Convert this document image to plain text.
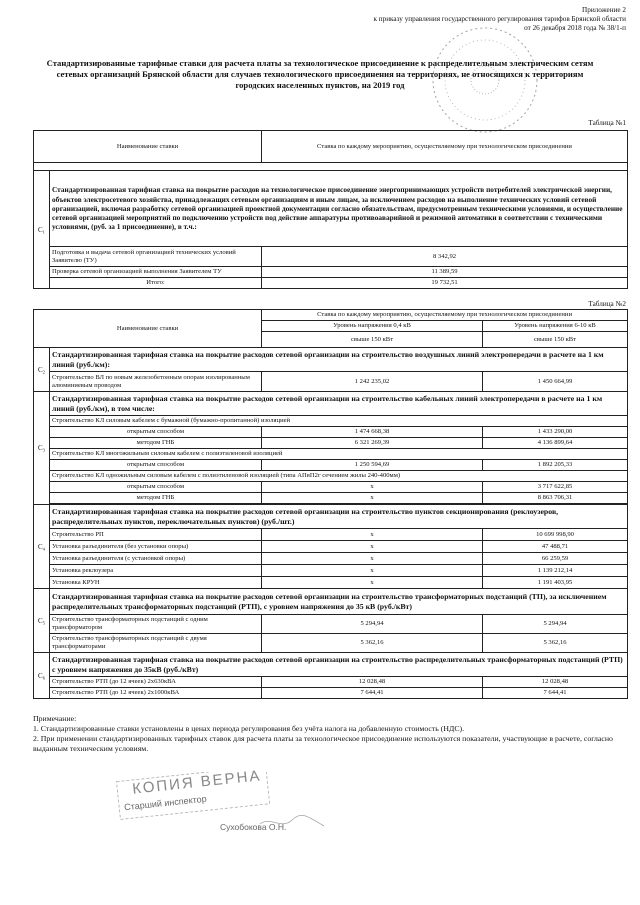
Приложение 2
к приказу управления государственного регулирования тарифов Брянской области
от 26 декабря 2018 года № 38/1-п
Стандартизированные тарифные ставки для расчета платы за технологическое присоединение к распределительным электрическим сетям сетевых организаций Брянской области для случаев технологического присоединения на территориях, не относящихся к территориям городских населенных пунктов, на 2019 год
Таблица №1
Наименование ставки		Ставка по каждому мероприятию, осуществляемому при технологическом присоединении

C₁	Стандартизированная тарифная ставка на покрытие расходов на технологическое присоединение энергопринимающих устройств потребителей электрической энергии, объектов электросетевого хозяйства, принадлежащих сетевым организациям и иным лицам, за исключением расходов на выполнение технических условий сетевой организацией, включая разработку сетевой организацией проектной документации согласно обязательствам, предусмотренным техническими условиями, и осуществление сетевой организацией мероприятий по подключению устройств под действие аппаратуры противоаварийной и режимной автоматики в соответствии с техническими условиями, (руб. за 1 присоединение), в т.ч.:	
	Подготовка и выдача сетевой организацией технических условий Заявителю (ТУ)	8 342,92
	Проверка сетевой организацией выполнения Заявителем ТУ	11 389,59
	Итого:	19 732,51
Таблица №2
Наименование ставки		Ставка по каждому мероприятию, осуществляемому при технологическом присоединении	
		Уровень напряжения 0,4 кВ	Уровень напряжения 6-10 кВ
		свыше 150 кВт	свыше 150 кВт
C₂	Стандартизированная тарифная ставка на покрытие расходов сетевой организации на строительство воздушных линий электропередачи в расчете на 1 км линий (руб./км):		
	Строительство ВЛ по новым железобетонным опорам изолированным алюминиевым проводом	1 242 235,02	1 450 664,99
C₃	Стандартизированная тарифная ставка на покрытие расходов сетевой организации на строительство кабельных линий электропередачи в расчете на 1 км линий (руб./км), в том числе:		
	Строительство КЛ силовым кабелем с бумажной (бумажно-пропитанной) изоляцией		
	открытым способом	1 474 668,38	1 433 290,00
	методом ГНБ	6 321 269,39	4 136 899,64
	Строительство КЛ многожильным силовым кабелем с полиэтиленовой изоляцией		
	открытым способом	1 250 594,69	1 892 205,33
	Строительство КЛ одножильным силовым кабелем с полиэтиленовой изоляцией (типа АПвП2г сечением жилы 240-400мм)		
	открытым способом	х	3 717 622,85
	методом ГНБ	х	8 863 706,31

C₄	Стандартизированная тарифная ставка на покрытие расходов сетевой организации на строительство пунктов секционирования (реклоузеров, распределительных пунктов, переключательных пунктов) (руб./шт.)		
	Строительство РП	х	10 699 998,90
	Установка разъединителя (без установки опоры)	х	47 488,71
	Установка разъединителя (с установкой опоры)	х	66 259,59
	Установка реклоузера	х	1 139 212,14
	Установка КРУН	х	1 191 403,95
C₅	Стандартизированная тарифная ставка на покрытие расходов сетевой организации на строительство трансформаторных подстанций (ТП), за исключением распределительных трансформаторных подстанций (РТП), с уровнем напряжения до 35 кВ (руб./кВт)		
	Строительство трансформаторных подстанций с одним трансформатором	5 294,94	5 294,94
	Строительство трансформаторных подстанций с двумя трансформаторами	5 362,16	5 362,16
C₆	Стандартизированная тарифная ставка на покрытие расходов сетевой организации на строительство распределительных трансформаторных подстанций (РТП) с уровнем напряжения до 35кВ (руб./кВт)		
	Строительство РТП (до 12 ячеек) 2х630кВА	12 028,48	12 028,48
	Строительство РТП (до 12 ячеек) 2х1000кВА	7 644,41	7 644,41
Примечание:
1. Стандартизированные ставки установлены в ценах периода регулирования без учёта налога на добавленную стоимость (НДС).
2. При применении стандартизированных тарифных ставок для расчета платы за технологическое присоединение используются показатели, участвующие в расчете, согласно выданным техническим условиям.
КОПИЯ ВЕРНА
Старший инспектор
Сухобокова О.Н.
